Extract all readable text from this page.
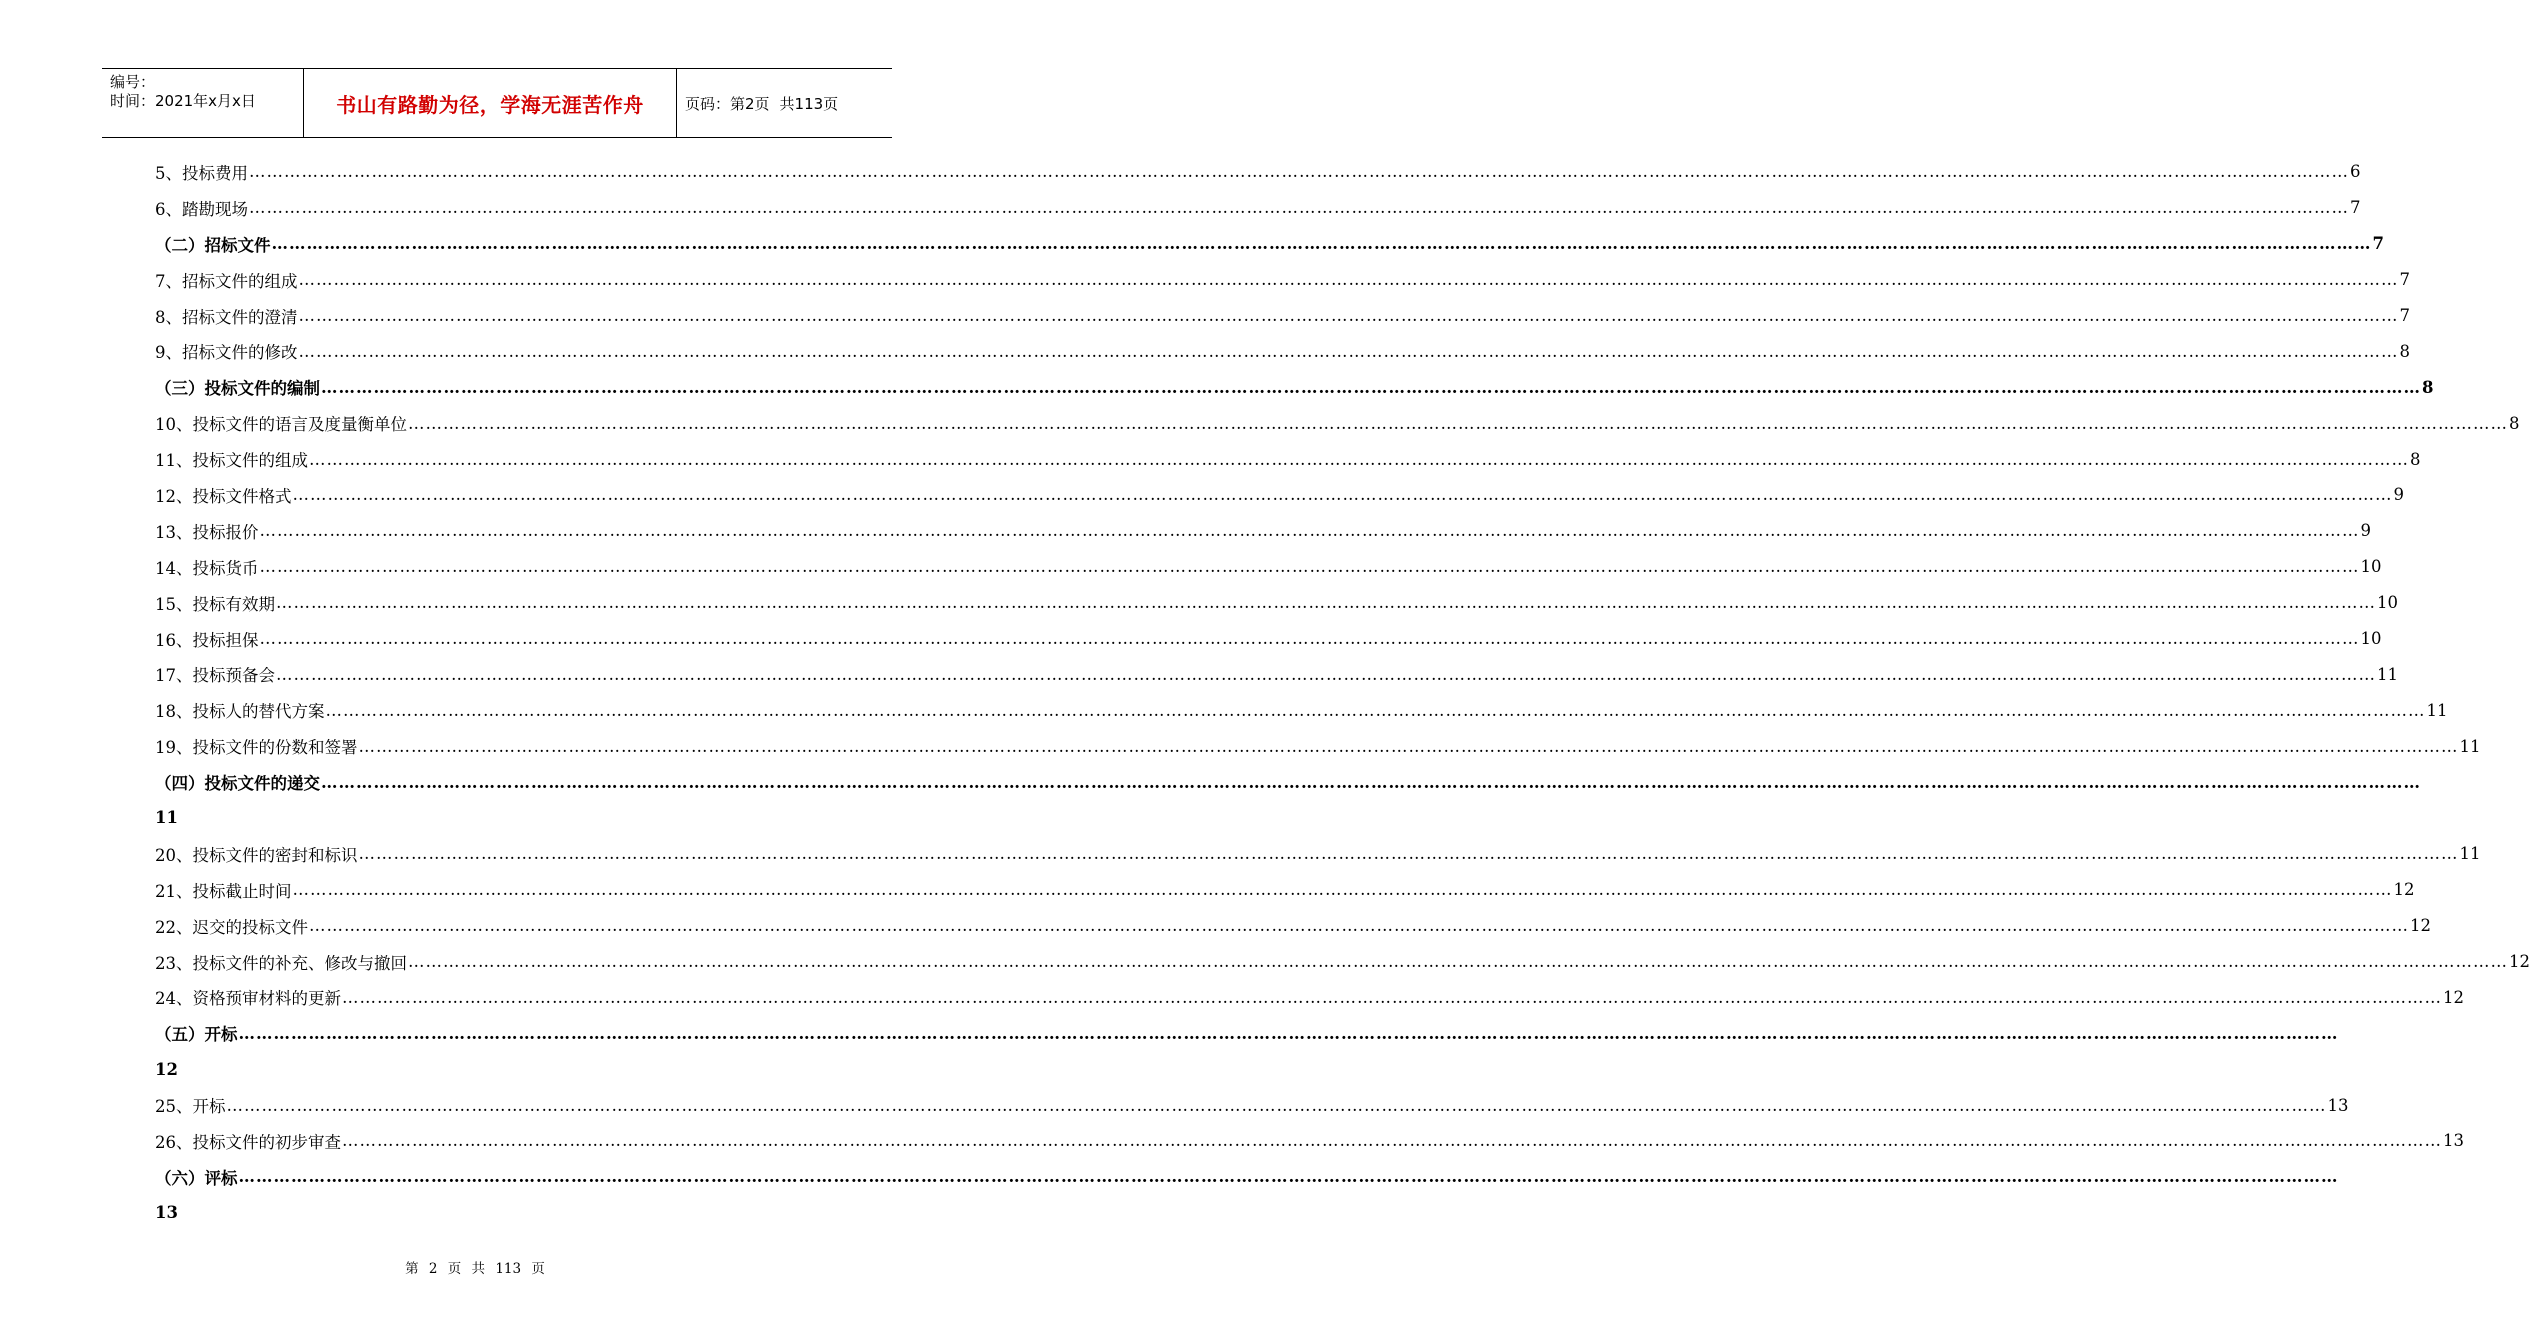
编号：
时间：2021年x月x日	书山有路勤为径，学海无涯苦作舟	页码：第2页 共113页
5、投标费用 ……………………………………………………………………………………………………………………………………………………………………………………………………………………………………………………………………………………………………………………………… 6
6、踏勘现场 ……………………………………………………………………………………………………………………………………………………………………………………………………………………………………………………………………………………………………………………………… 7
（二）招标文件 ……………………………………………………………………………………………………………………………………………………………………………………………………………………………………………………………………………………………………………………………… 7
7、招标文件的组成 ……………………………………………………………………………………………………………………………………………………………………………………………………………………………………………………………………………………………………………………………… 7
8、招标文件的澄清 ……………………………………………………………………………………………………………………………………………………………………………………………………………………………………………………………………………………………………………………………… 7
9、招标文件的修改 ……………………………………………………………………………………………………………………………………………………………………………………………………………………………………………………………………………………………………………………………… 8
（三）投标文件的编制 ……………………………………………………………………………………………………………………………………………………………………………………………………………………………………………………………………………………………………………………………… 8
10、投标文件的语言及度量衡单位 ……………………………………………………………………………………………………………………………………………………………………………………………………………………………………………………………………………………………………………………………… 8
11、投标文件的组成 ……………………………………………………………………………………………………………………………………………………………………………………………………………………………………………………………………………………………………………………………… 8
12、投标文件格式 ……………………………………………………………………………………………………………………………………………………………………………………………………………………………………………………………………………………………………………………………… 9
13、投标报价 ……………………………………………………………………………………………………………………………………………………………………………………………………………………………………………………………………………………………………………………………… 9
14、投标货币 ……………………………………………………………………………………………………………………………………………………………………………………………………………………………………………………………………………………………………………………………… 10
15、投标有效期 ……………………………………………………………………………………………………………………………………………………………………………………………………………………………………………………………………………………………………………………………… 10
16、投标担保 ……………………………………………………………………………………………………………………………………………………………………………………………………………………………………………………………………………………………………………………………… 10
17、投标预备会 ……………………………………………………………………………………………………………………………………………………………………………………………………………………………………………………………………………………………………………………………… 11
18、投标人的替代方案 ……………………………………………………………………………………………………………………………………………………………………………………………………………………………………………………………………………………………………………………………… 11
19、投标文件的份数和签署 ……………………………………………………………………………………………………………………………………………………………………………………………………………………………………………………………………………………………………………………………… 11
（四）投标文件的递交 ………………………………………………………………………………………………………………………………………………………………………………………………………………………………………………………………………………………………………………………………
11
20、投标文件的密封和标识 ……………………………………………………………………………………………………………………………………………………………………………………………………………………………………………………………………………………………………………………………… 11
21、投标截止时间 ……………………………………………………………………………………………………………………………………………………………………………………………………………………………………………………………………………………………………………………………… 12
22、迟交的投标文件 ……………………………………………………………………………………………………………………………………………………………………………………………………………………………………………………………………………………………………………………………… 12
23、投标文件的补充、修改与撤回 ……………………………………………………………………………………………………………………………………………………………………………………………………………………………………………………………………………………………………………………………… 12
24、资格预审材料的更新 ……………………………………………………………………………………………………………………………………………………………………………………………………………………………………………………………………………………………………………………………… 12
（五）开标 ………………………………………………………………………………………………………………………………………………………………………………………………………………………………………………………………………………………………………………………………
12
25、开标 ……………………………………………………………………………………………………………………………………………………………………………………………………………………………………………………………………………………………………………………………… 13
26、投标文件的初步审查 ……………………………………………………………………………………………………………………………………………………………………………………………………………………………………………………………………………………………………………………………… 13
（六）评标 ………………………………………………………………………………………………………………………………………………………………………………………………………………………………………………………………………………………………………………………………
13
第 2 页 共 113 页
